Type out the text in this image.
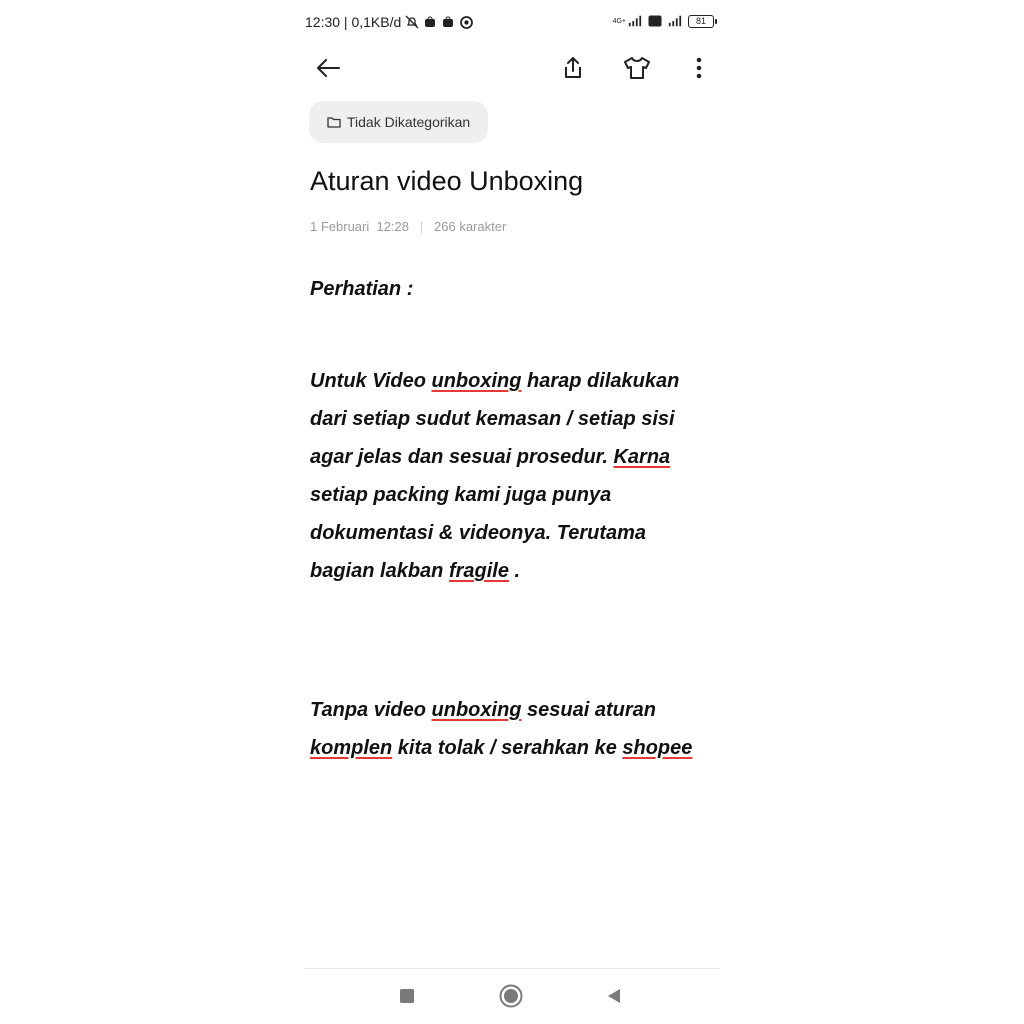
12:30 | 0,1KB/d	4G+	81
Tidak Dikategorikan
Aturan video Unboxing
1 Februari  12:28 266 karakter

Perhatian :

Untuk Video unboxing harap dilakukan dari setiap sudut kemasan / setiap sisi agar jelas dan sesuai prosedur. Karna setiap packing kami juga punya dokumentasi & videonya. Terutama bagian lakban fragile .

Tanpa video unboxing sesuai aturan komplen kita tolak / serahkan ke shopee
